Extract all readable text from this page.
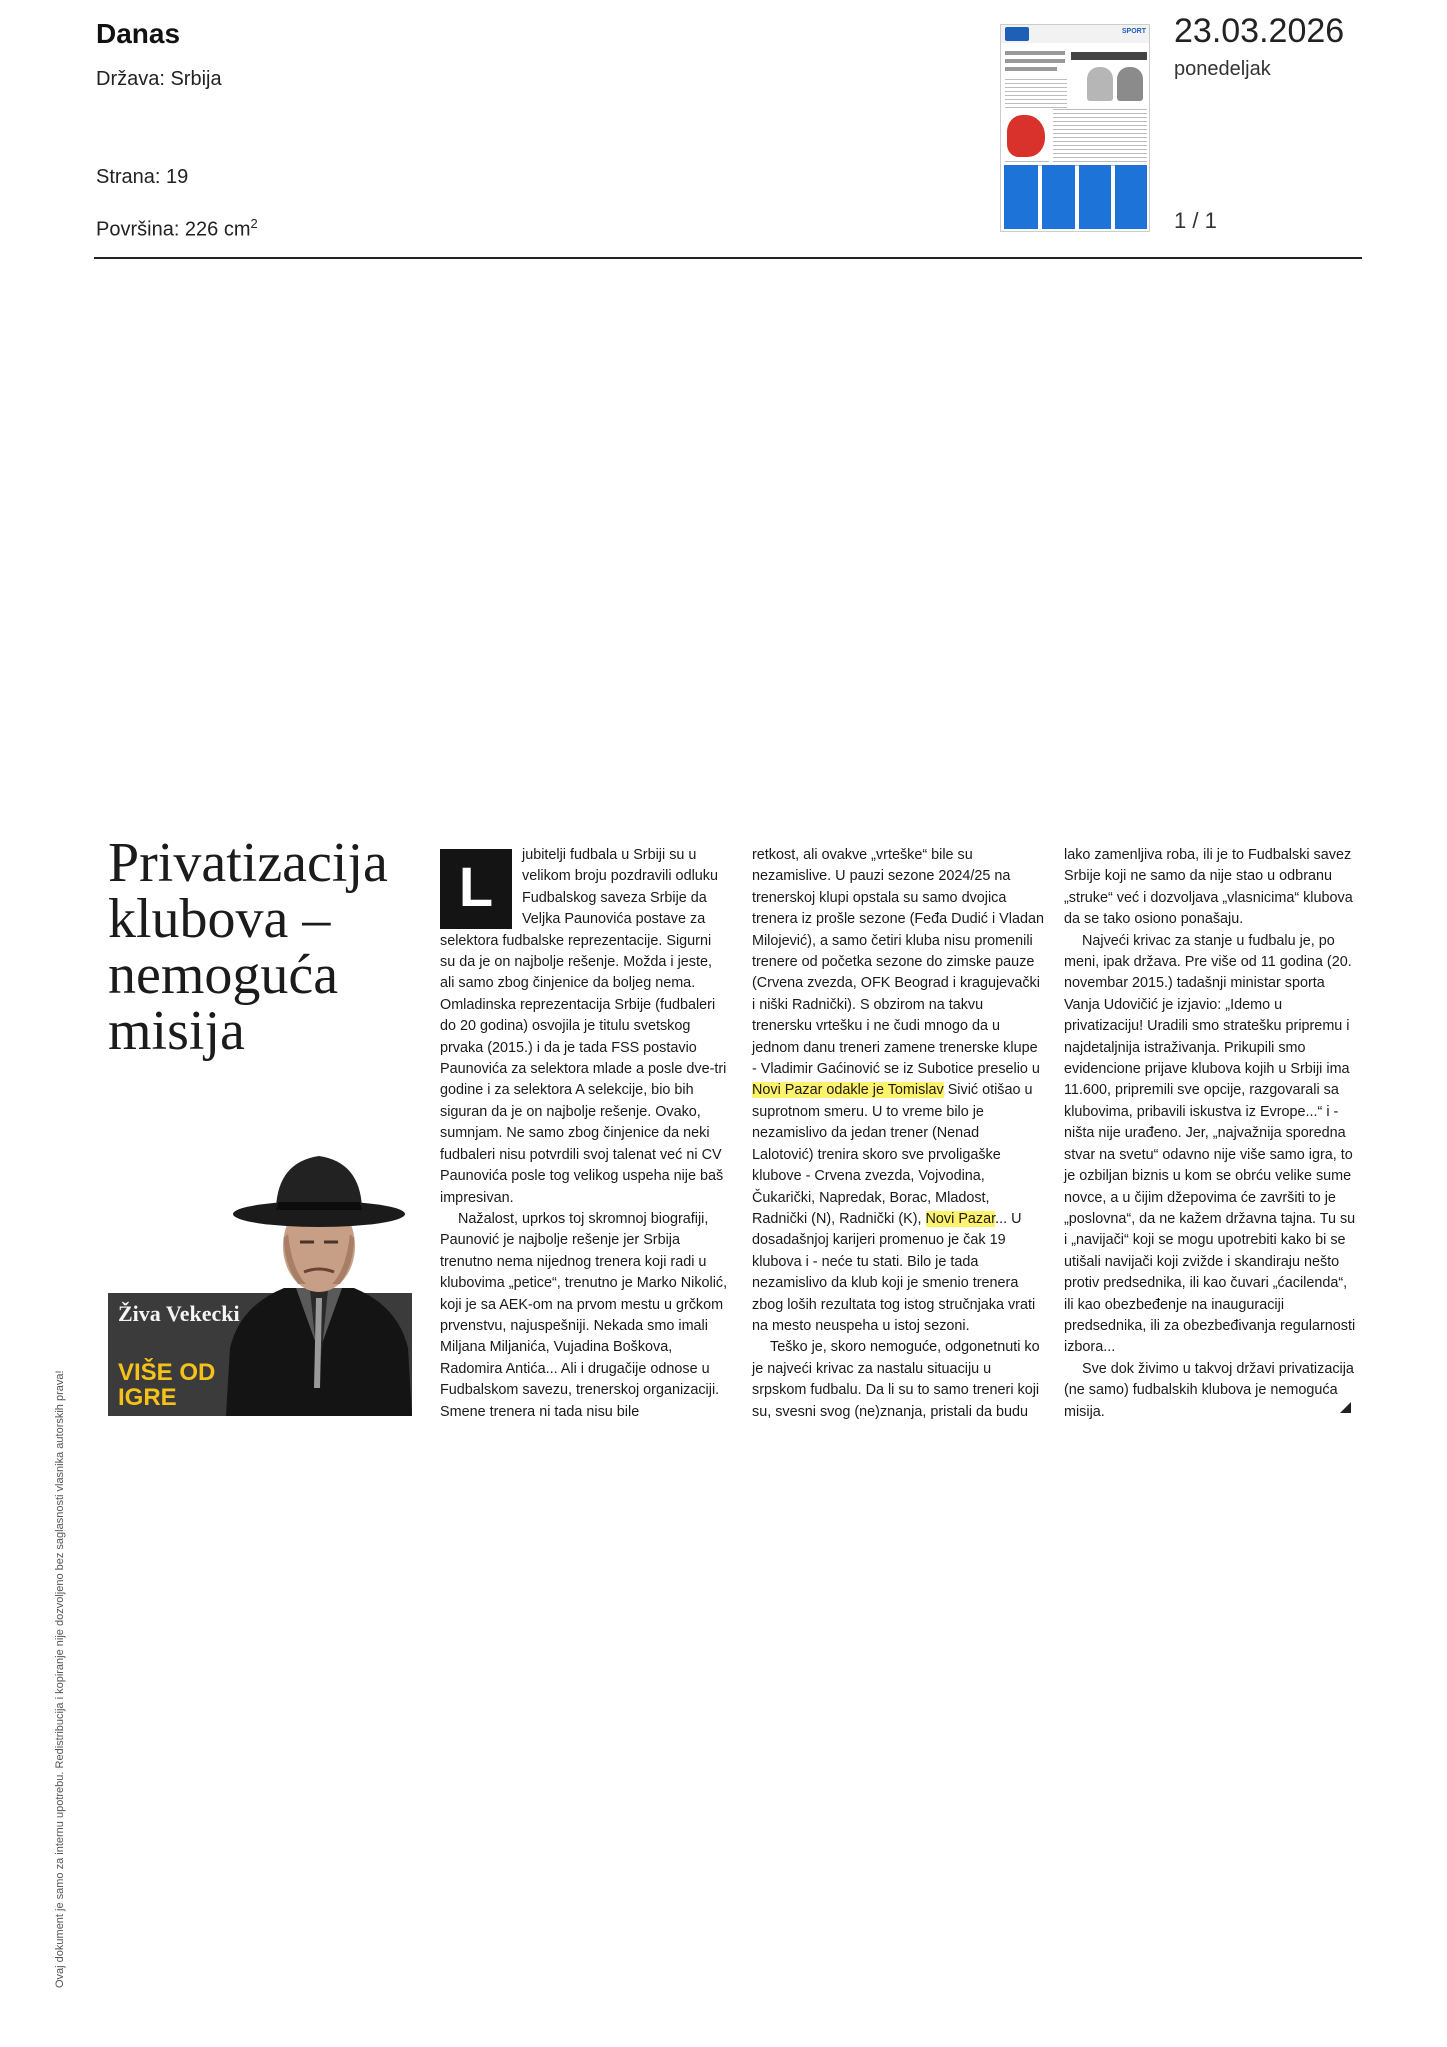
Danas
Država: Srbija
Strana: 19
Površina: 226 $cm^2$
SPORT 23.03.2026
ponedeljak
1 / 1
Privatizacija klubova – nemoguća misija
Živa Vekecki
VIŠE OD IGRE

L	jubitelji fudbala u Srbiji su u velikom broju pozdravili odluku Fudbalskog saveza Srbije da Veljka Paunovića postave za selektora fudbalske reprezentacije. Sigurni su da je on najbolje rešenje. Možda i jeste, ali samo zbog činjenice da boljeg nema. Omladinska reprezentacija Srbije (fudbaleri do 20 godina) osvojila je titulu svetskog prvaka (2015.) i da je tada FSS postavio Paunovića za selektora mlade a posle dve-tri godine i za selektora A selekcije, bio bih siguran da je on najbolje rešenje. Ovako, sumnjam. Ne samo zbog činjenice da neki fudbaleri nisu potvrdili svoj talenat već ni CV Paunovića posle tog velikog uspeha nije baš impresivan.

Nažalost, uprkos toj skromnoj biografiji, Paunović je najbolje rešenje jer Srbija trenutno nema nijednog trenera koji radi u klubovima „petice“, trenutno je Marko Nikolić, koji je sa AEK-om na prvom mestu u grčkom prvenstvu, najuspešniji. Nekada smo imali Miljana Miljanića, Vujadina Boškova, Radomira Antića... Ali i drugačije odnose u Fudbalskom savezu, trenerskoj organizaciji. Smene trenera ni tada nisu bile

retkost, ali ovakve „vrteške“ bile su nezamislive. U pauzi sezone 2024/25 na trenerskoj klupi opstala su samo dvojica trenera iz prošle sezone (Feđa Dudić i Vladan Milojević), a samo četiri kluba nisu promenili trenere od početka sezone do zimske pauze (Crvena zvezda, OFK Beograd i kragujevački i niški Radnički). S obzirom na takvu trenersku vrtešku i ne čudi mnogo da u jednom danu treneri zamene trenerske klupe - Vladimir Gaćinović se iz Subotice preselio u Novi Pazar odakle je Tomislav Sivić otišao u suprotnom smeru. U to vreme bilo je nezamislivo da jedan trener (Nenad Lalotović) trenira skoro sve prvoligaške klubove - Crvena zvezda, Vojvodina, Čukarički, Napredak, Borac, Mladost, Radnički (N), Radnički (K), Novi Pazar... U dosadašnjoj karijeri promenuo je čak 19 klubova i - neće tu stati. Bilo je tada nezamislivo da klub koji je smenio trenera zbog loših rezultata tog istog stručnjaka vrati na mesto neuspeha u istoj sezoni.

Teško je, skoro nemoguće, odgonetnuti ko je najveći krivac za nastalu situaciju u srpskom fudbalu. Da li su to samo treneri koji su, svesni svog (ne)znanja, pristali da budu

lako zamenljiva roba, ili je to Fudbalski savez Srbije koji ne samo da nije stao u odbranu „struke“ već i dozvoljava „vlasnicima“ klubova da se tako osiono ponašaju.

Najveći krivac za stanje u fudbalu je, po meni, ipak država. Pre više od 11 godina (20. novembar 2015.) tadašnji ministar sporta Vanja Udovičić je izjavio: „Idemo u privatizaciju! Uradili smo stratešku pripremu i najdetaljnija istraživanja. Prikupili smo evidencione prijave klubova kojih u Srbiji ima 11.600, pripremili sve opcije, razgovarali sa klubovima, pribavili iskustva iz Evrope...“ i - ništa nije urađeno. Jer, „najvažnija sporedna stvar na svetu“ odavno nije više samo igra, to je ozbiljan biznis u kom se obrću velike sume novce, a u čijim džepovima će završiti to je „poslovna“, da ne kažem državna tajna. Tu su i „navijači“ koji se mogu upotrebiti kako bi se utišali navijači koji zvižde i skandiraju nešto protiv predsednika, ili kao čuvari „ćacilenda“, ili kao obezbeđenje na inauguraciji predsednika, ili za obezbeđivanja regularnosti izbora...

Sve dok živimo u takvoj državi privatizacija (ne samo) fudbalskih klubova je nemoguća misija.

Ovaj dokument je samo za internu upotrebu. Redistribucija i kopiranje nije dozvoljeno bez saglasnosti vlasnika autorskih prava!
